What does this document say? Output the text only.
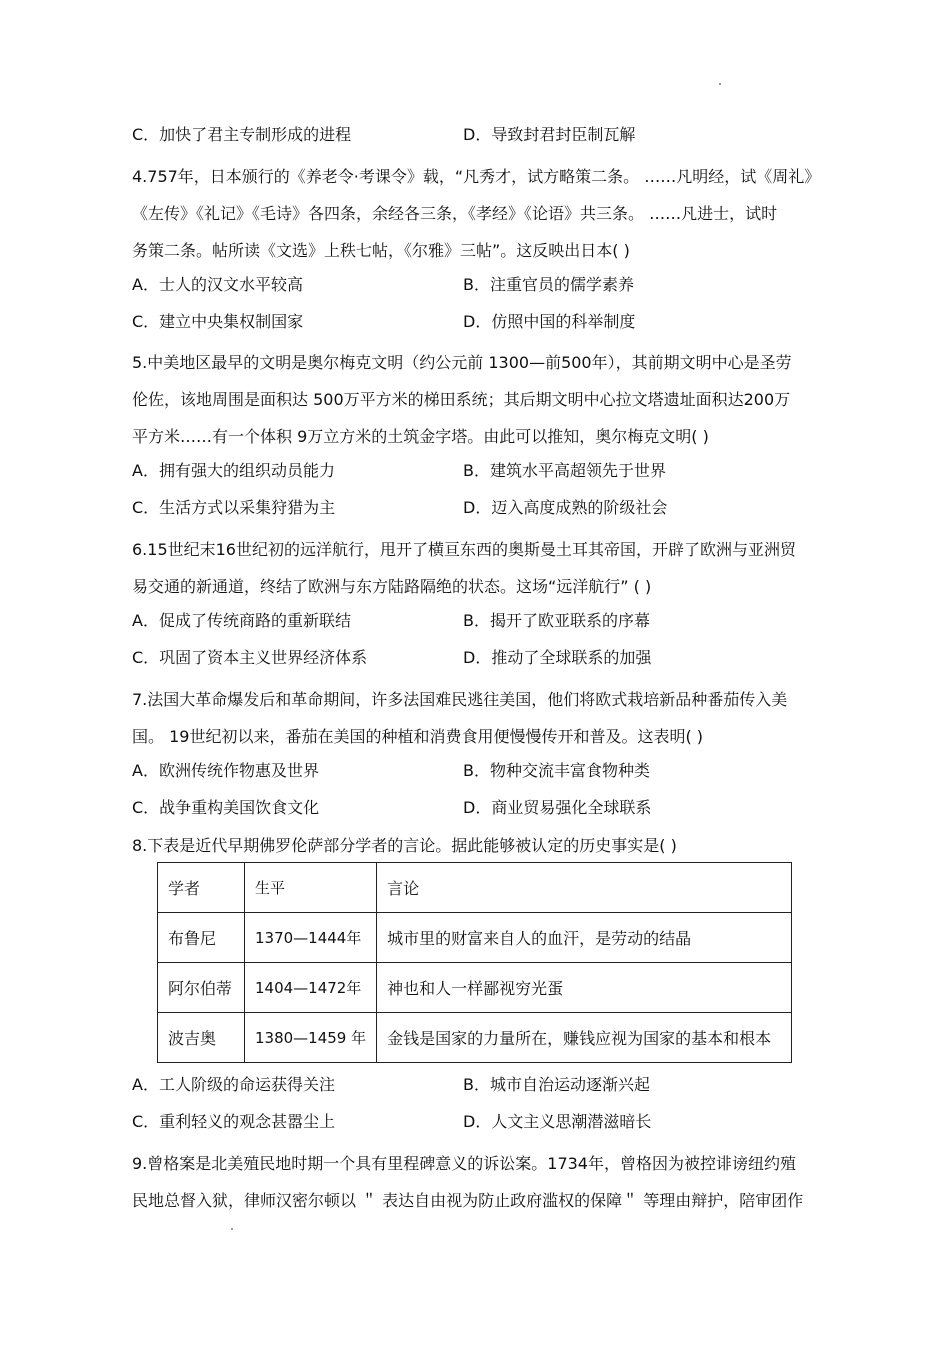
C．加快了君主专制形成的进程	D．导致封君封臣制瓦解
4.757年，日本颁行的《养老令·考课令》载，“凡秀才，试方略策二条。 ……凡明经，试《周礼》
《左传》《礼记》《毛诗》各四条，余经各三条，《孝经》《论语》共三条。 ……凡进士，试时
务策二条。帖所读《文选》上秩七帖，《尔雅》三帖”。这反映出日本( )
A．士人的汉文水平较高	B．注重官员的儒学素养
C．建立中央集权制国家	D．仿照中国的科举制度
5.中美地区最早的文明是奥尔梅克文明（约公元前 1300—前500年），其前期文明中心是圣劳
伦佐，该地周围是面积达 500万平方米的梯田系统；其后期文明中心拉文塔遗址面积达200万
平方米……有一个体积 9万立方米的土筑金字塔。由此可以推知，奥尔梅克文明( )
A．拥有强大的组织动员能力	B．建筑水平高超领先于世界
C．生活方式以采集狩猎为主	D．迈入高度成熟的阶级社会
6.15世纪末16世纪初的远洋航行，甩开了横亘东西的奥斯曼土耳其帝国，开辟了欧洲与亚洲贸
易交通的新通道，终结了欧洲与东方陆路隔绝的状态。这场“远洋航行” ( )
A．促成了传统商路的重新联结	B．揭开了欧亚联系的序幕
C．巩固了资本主义世界经济体系	D．推动了全球联系的加强
7.法国大革命爆发后和革命期间，许多法国难民逃往美国，他们将欧式栽培新品种番茄传入美
国。 19世纪初以来，番茄在美国的种植和消费食用便慢慢传开和普及。这表明( )
A．欧洲传统作物惠及世界	B．物种交流丰富食物种类
C．战争重构美国饮食文化	D．商业贸易强化全球联系
8.下表是近代早期佛罗伦萨部分学者的言论。据此能够被认定的历史事实是( )
学者	生平	言论
布鲁尼	1370—1444年	城市里的财富来自人的血汗，是劳动的结晶
阿尔伯蒂	1404—1472年	神也和人一样鄙视穷光蛋
波吉奥	1380—1459 年	金钱是国家的力量所在，赚钱应视为国家的基本和根本
A．工人阶级的命运获得关注	B．城市自治运动逐渐兴起
C．重利轻义的观念甚嚣尘上	D．人文主义思潮潜滋暗长
9.曾格案是北美殖民地时期一个具有里程碑意义的诉讼案。1734年，曾格因为被控诽谤纽约殖
民地总督入狱，律师汉密尔顿以 ＂ 表达自由视为防止政府滥权的保障＂ 等理由辩护，陪审团作
